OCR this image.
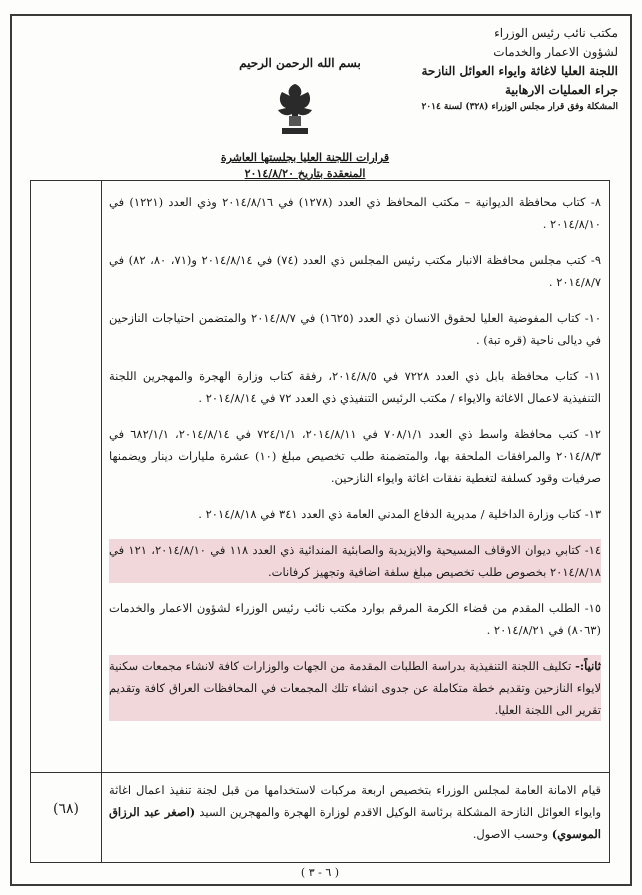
مكتب نائب رئيس الوزراء
لشؤون الاعمار والخدمات
اللجنة العليا لاغاثة وايواء العوائل النازحة
جراء العمليات الارهابية
المشكلة وفق قرار مجلس الوزراء (٣٢٨) لسنة ٢٠١٤
بسم الله الرحمن الرحيم
قرارات اللجنة العليا بجلستها العاشرة
المنعقدة بتاريخ ٢٠١٤/٨/٢٠
٨- كتاب محافظة الديوانية – مكتب المحافظ ذي العدد (١٢٧٨) في ٢٠١٤/٨/١٦ وذي العدد (١٢٢١) في ٢٠١٤/٨/١٠ .
٩- كتب مجلس محافظة الانبار مكتب رئيس المجلس ذي العدد (٧٤) في ٢٠١٤/٨/١٤ و(٧١، ٨٠، ٨٢) في ٢٠١٤/٨/٧ .
١٠- كتاب المفوضية العليا لحقوق الانسان ذي العدد (١٦٢٥) في ٢٠١٤/٨/٧ والمتضمن احتياجات النازحين في ديالى ناحية (قره تبة) .
١١- كتاب محافظة بابل ذي العدد ٧٢٢٨ في ٢٠١٤/٨/٥، رفقة كتاب وزارة الهجرة والمهجرين اللجنة التنفيذية لاعمال الاغاثة والايواء / مكتب الرئيس التنفيذي ذي العدد ٧٢ في ٢٠١٤/٨/١٤ .
١٢- كتب محافظة واسط ذي العدد ٧٠٨/١/١ في ٢٠١٤/٨/١١، ٧٢٤/١/١ في ٢٠١٤/٨/١٤، ٦٨٢/١/١ في ٢٠١٤/٨/٣ والمرافقات الملحقة بها، والمتضمنة طلب تخصيص مبلغ (١٠) عشرة مليارات دينار ويضمنها صرفيات وقود كسلفة لتغطية نفقات اغاثة وايواء النازحين.
١٣- كتاب وزارة الداخلية / مديرية الدفاع المدني العامة ذي العدد ٣٤١ في ٢٠١٤/٨/١٨ .
١٤- كتابي ديوان الاوقاف المسيحية والايزيدية والصابئية المندائية ذي العدد ١١٨ في ٢٠١٤/٨/١٠، ١٢١ في ٢٠١٤/٨/١٨ بخصوص طلب تخصيص مبلغ سلفة اضافية وتجهيز كرفانات.
١٥- الطلب المقدم من قضاء الكرمة المرقم بوارد مكتب نائب رئيس الوزراء لشؤون الاعمار والخدمات (٨٠٦٣) في ٢٠١٤/٨/٢١ .
ثانياً:- تكليف اللجنة التنفيذية بدراسة الطلبات المقدمة من الجهات والوزارات كافة لانشاء مجمعات سكنية لايواء النازحين وتقديم خطة متكاملة عن جدوى انشاء تلك المجمعات في المحافظات العراق كافة وتقديم تقرير الى اللجنة العليا.
قيام الامانة العامة لمجلس الوزراء بتخصيص اربعة مركبات لاستخدامها من قبل لجنة تنفيذ اعمال اغاثة وايواء العوائل النازحة المشكلة برئاسة الوكيل الاقدم لوزارة الهجرة والمهجرين السيد (اصغر عبد الرزاق الموسوي) وحسب الاصول.
(٦٨)
( ٦ - ٣ )
